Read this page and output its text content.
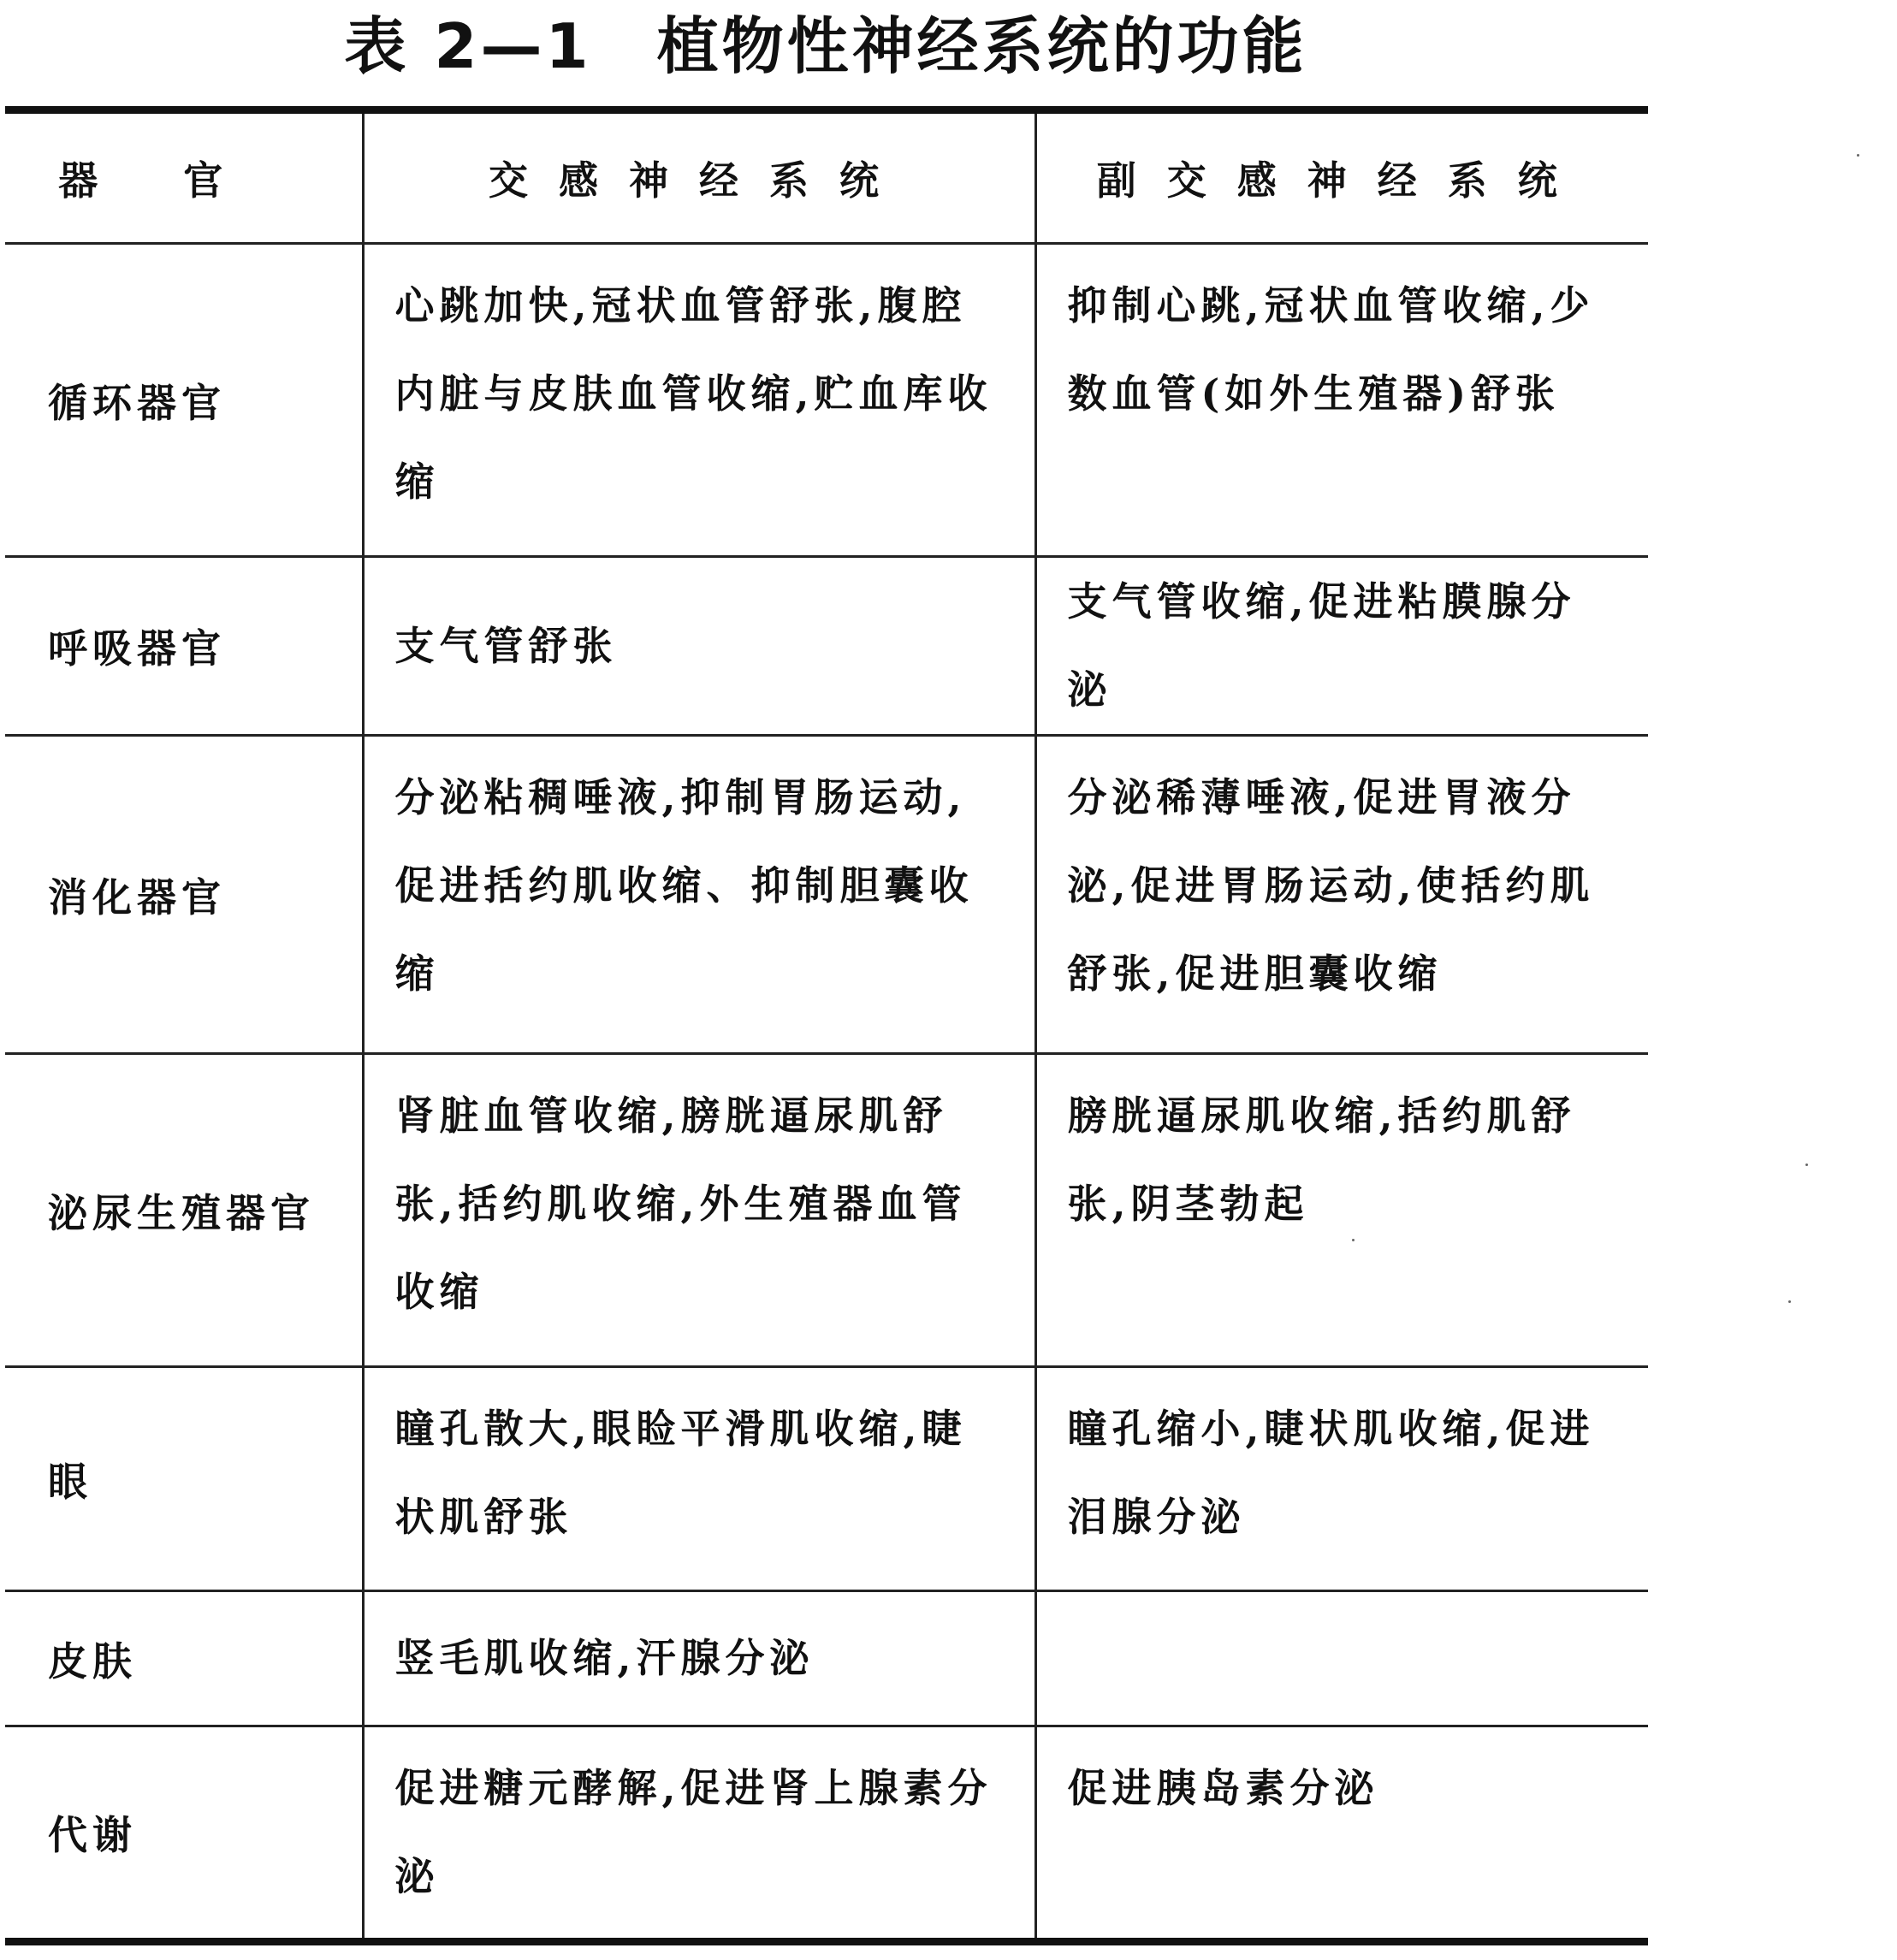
表 2—1　植物性神经系统的功能
器官	交感神经系统	副交感神经系统
循环器官	心跳加快,冠状血管舒张,腹腔内脏与皮肤血管收缩,贮血库收缩	抑制心跳,冠状血管收缩,少数血管(如外生殖器)舒张
呼吸器官	支气管舒张	支气管收缩,促进粘膜腺分泌
消化器官	分泌粘稠唾液,抑制胃肠运动,促进括约肌收缩、抑制胆囊收缩	分泌稀薄唾液,促进胃液分泌,促进胃肠运动,使括约肌舒张,促进胆囊收缩
泌尿生殖器官	肾脏血管收缩,膀胱逼尿肌舒张,括约肌收缩,外生殖器血管收缩	膀胱逼尿肌收缩,括约肌舒张,阴茎勃起
眼	瞳孔散大,眼睑平滑肌收缩,睫状肌舒张	瞳孔缩小,睫状肌收缩,促进泪腺分泌
皮肤	竖毛肌收缩,汗腺分泌	
代谢	促进糖元酵解,促进肾上腺素分泌	促进胰岛素分泌
